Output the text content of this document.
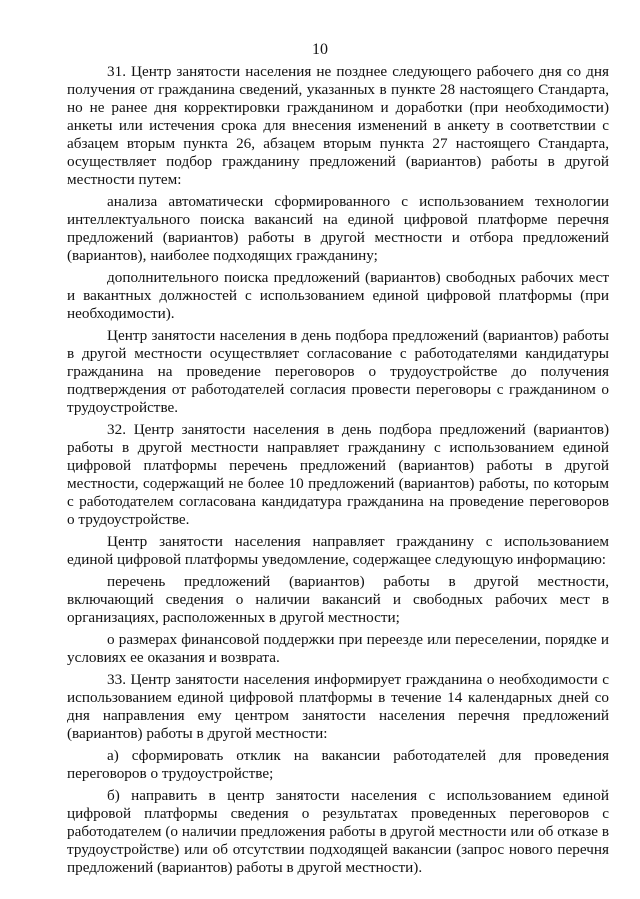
10

31. Центр занятости населения не позднее следующего рабочего дня со дня получения от гражданина сведений, указанных в пункте 28 настоящего Стандарта, но не ранее дня корректировки гражданином и доработки (при необходимости) анкеты или истечения срока для внесения изменений в анкету в соответствии с абзацем вторым пункта 26, абзацем вторым пункта 27 настоящего Стандарта, осуществляет подбор гражданину предложений (вариантов) работы в другой местности путем:

анализа автоматически сформированного с использованием технологии интеллектуального поиска вакансий на единой цифровой платформе перечня предложений (вариантов) работы в другой местности и отбора предложений (вариантов), наиболее подходящих гражданину;

дополнительного поиска предложений (вариантов) свободных рабочих мест и вакантных должностей с использованием единой цифровой платформы (при необходимости).

Центр занятости населения в день подбора предложений (вариантов) работы в другой местности осуществляет согласование с работодателями кандидатуры гражданина на проведение переговоров о трудоустройстве до получения подтверждения от работодателей согласия провести переговоры с гражданином о трудоустройстве.

32. Центр занятости населения в день подбора предложений (вариантов) работы в другой местности направляет гражданину с использованием единой цифровой платформы перечень предложений (вариантов) работы в другой местности, содержащий не более 10 предложений (вариантов) работы, по которым с работодателем согласована кандидатура гражданина на проведение переговоров о трудоустройстве.

Центр занятости населения направляет гражданину с использованием единой цифровой платформы уведомление, содержащее следующую информацию:

перечень предложений (вариантов) работы в другой местности, включающий сведения о наличии вакансий и свободных рабочих мест в организациях, расположенных в другой местности;

о размерах финансовой поддержки при переезде или переселении, порядке и условиях ее оказания и возврата.

33. Центр занятости населения информирует гражданина о необходимости с использованием единой цифровой платформы в течение 14 календарных дней со дня направления ему центром занятости населения перечня предложений (вариантов) работы в другой местности:

а) сформировать отклик на вакансии работодателей для проведения переговоров о трудоустройстве;

б) направить в центр занятости населения с использованием единой цифровой платформы сведения о результатах проведенных переговоров с работодателем (о наличии предложения работы в другой местности или об отказе в трудоустройстве) или об отсутствии подходящей вакансии (запрос нового перечня предложений (вариантов) работы в другой местности).
